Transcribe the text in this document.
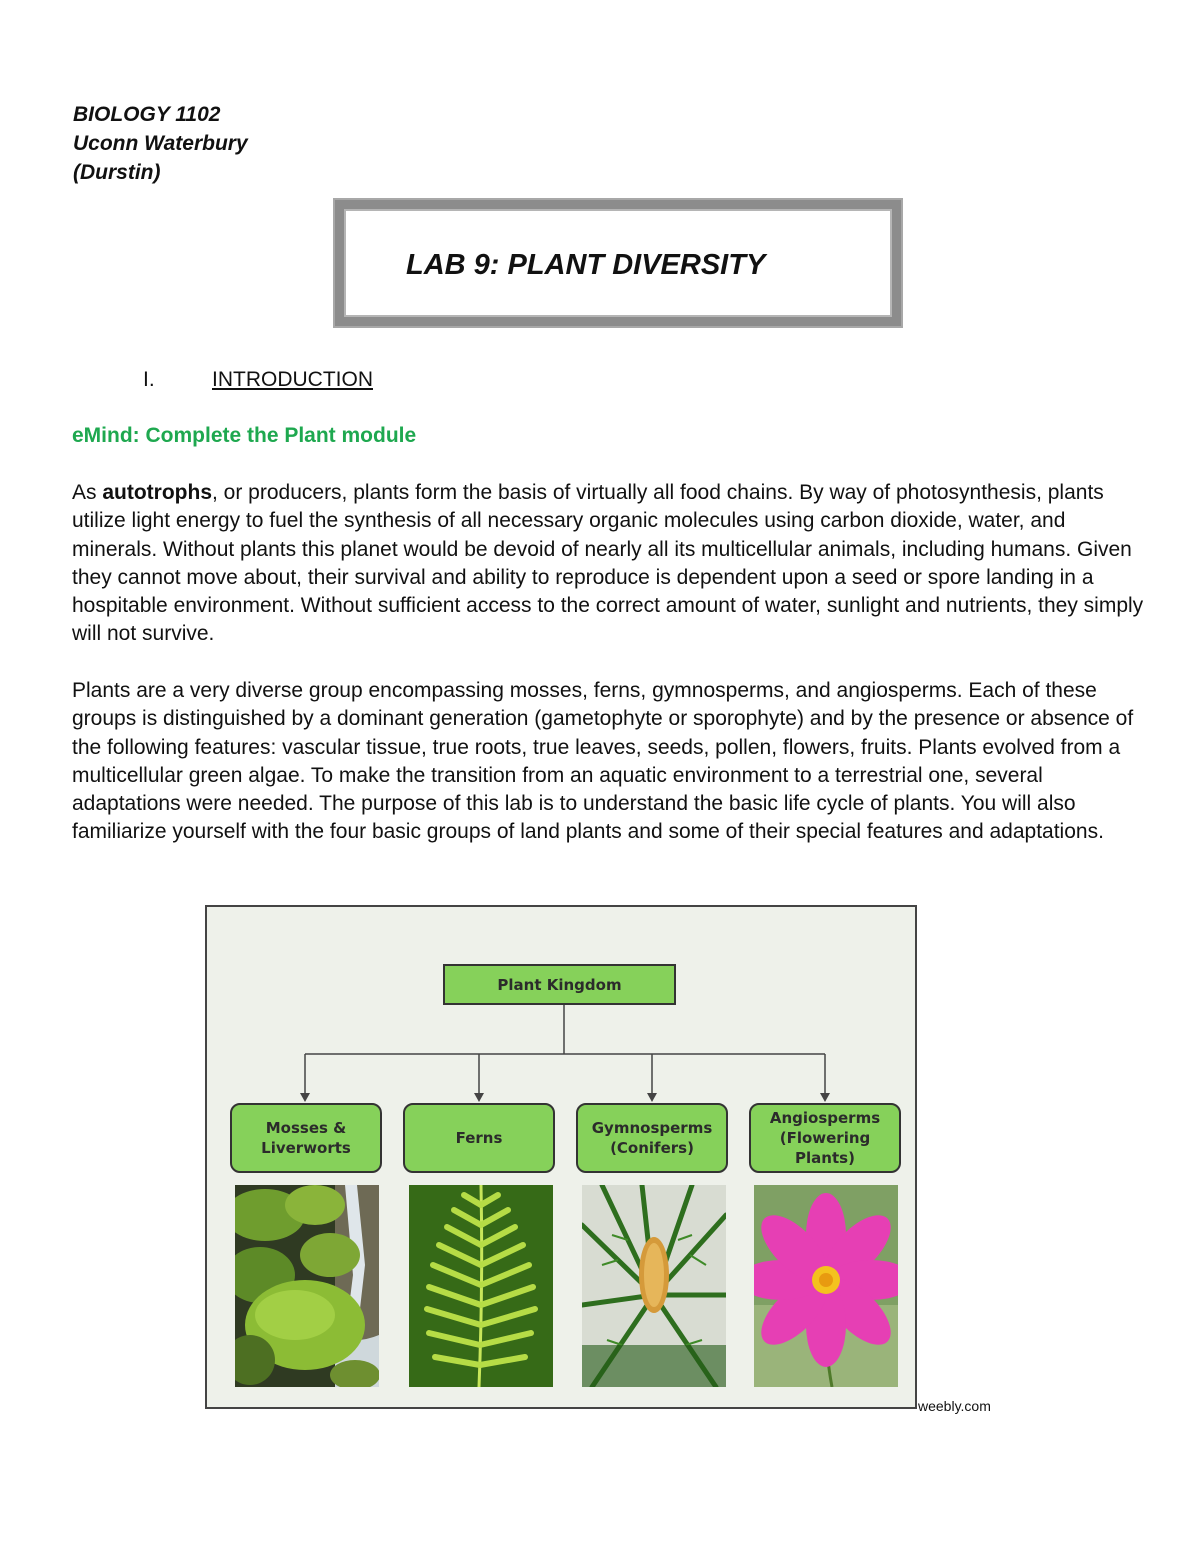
BIOLOGY 1102
Uconn Waterbury
(Durstin)
LAB 9: PLANT DIVERSITY
I.	INTRODUCTION
eMind: Complete the Plant module

As autotrophs, or producers, plants form the basis of virtually all food chains. By way of photosynthesis, plants utilize light energy to fuel the synthesis of all necessary organic molecules using carbon dioxide, water, and minerals. Without plants this planet would be devoid of nearly all its multicellular animals, including humans. Given they cannot move about, their survival and ability to reproduce is dependent upon a seed or spore landing in a hospitable environment. Without sufficient access to the correct amount of water, sunlight and nutrients, they simply will not survive.

Plants are a very diverse group encompassing mosses, ferns, gymnosperms, and angiosperms. Each of these groups is distinguished by a dominant generation (gametophyte or sporophyte) and by the presence or absence of the following features: vascular tissue, true roots, true leaves, seeds, pollen, flowers, fruits. Plants evolved from a multicellular green algae. To make the transition from an aquatic environment to a terrestrial one, several adaptations were needed. The purpose of this lab is to understand the basic life cycle of plants. You will also familiarize yourself with the four basic groups of land plants and some of their special features and adaptations.

Plant Kingdom
Mosses &
Liverworts
Ferns
Gymnosperms
(Conifers)
Angiosperms
(Flowering
Plants)
weebly.com
